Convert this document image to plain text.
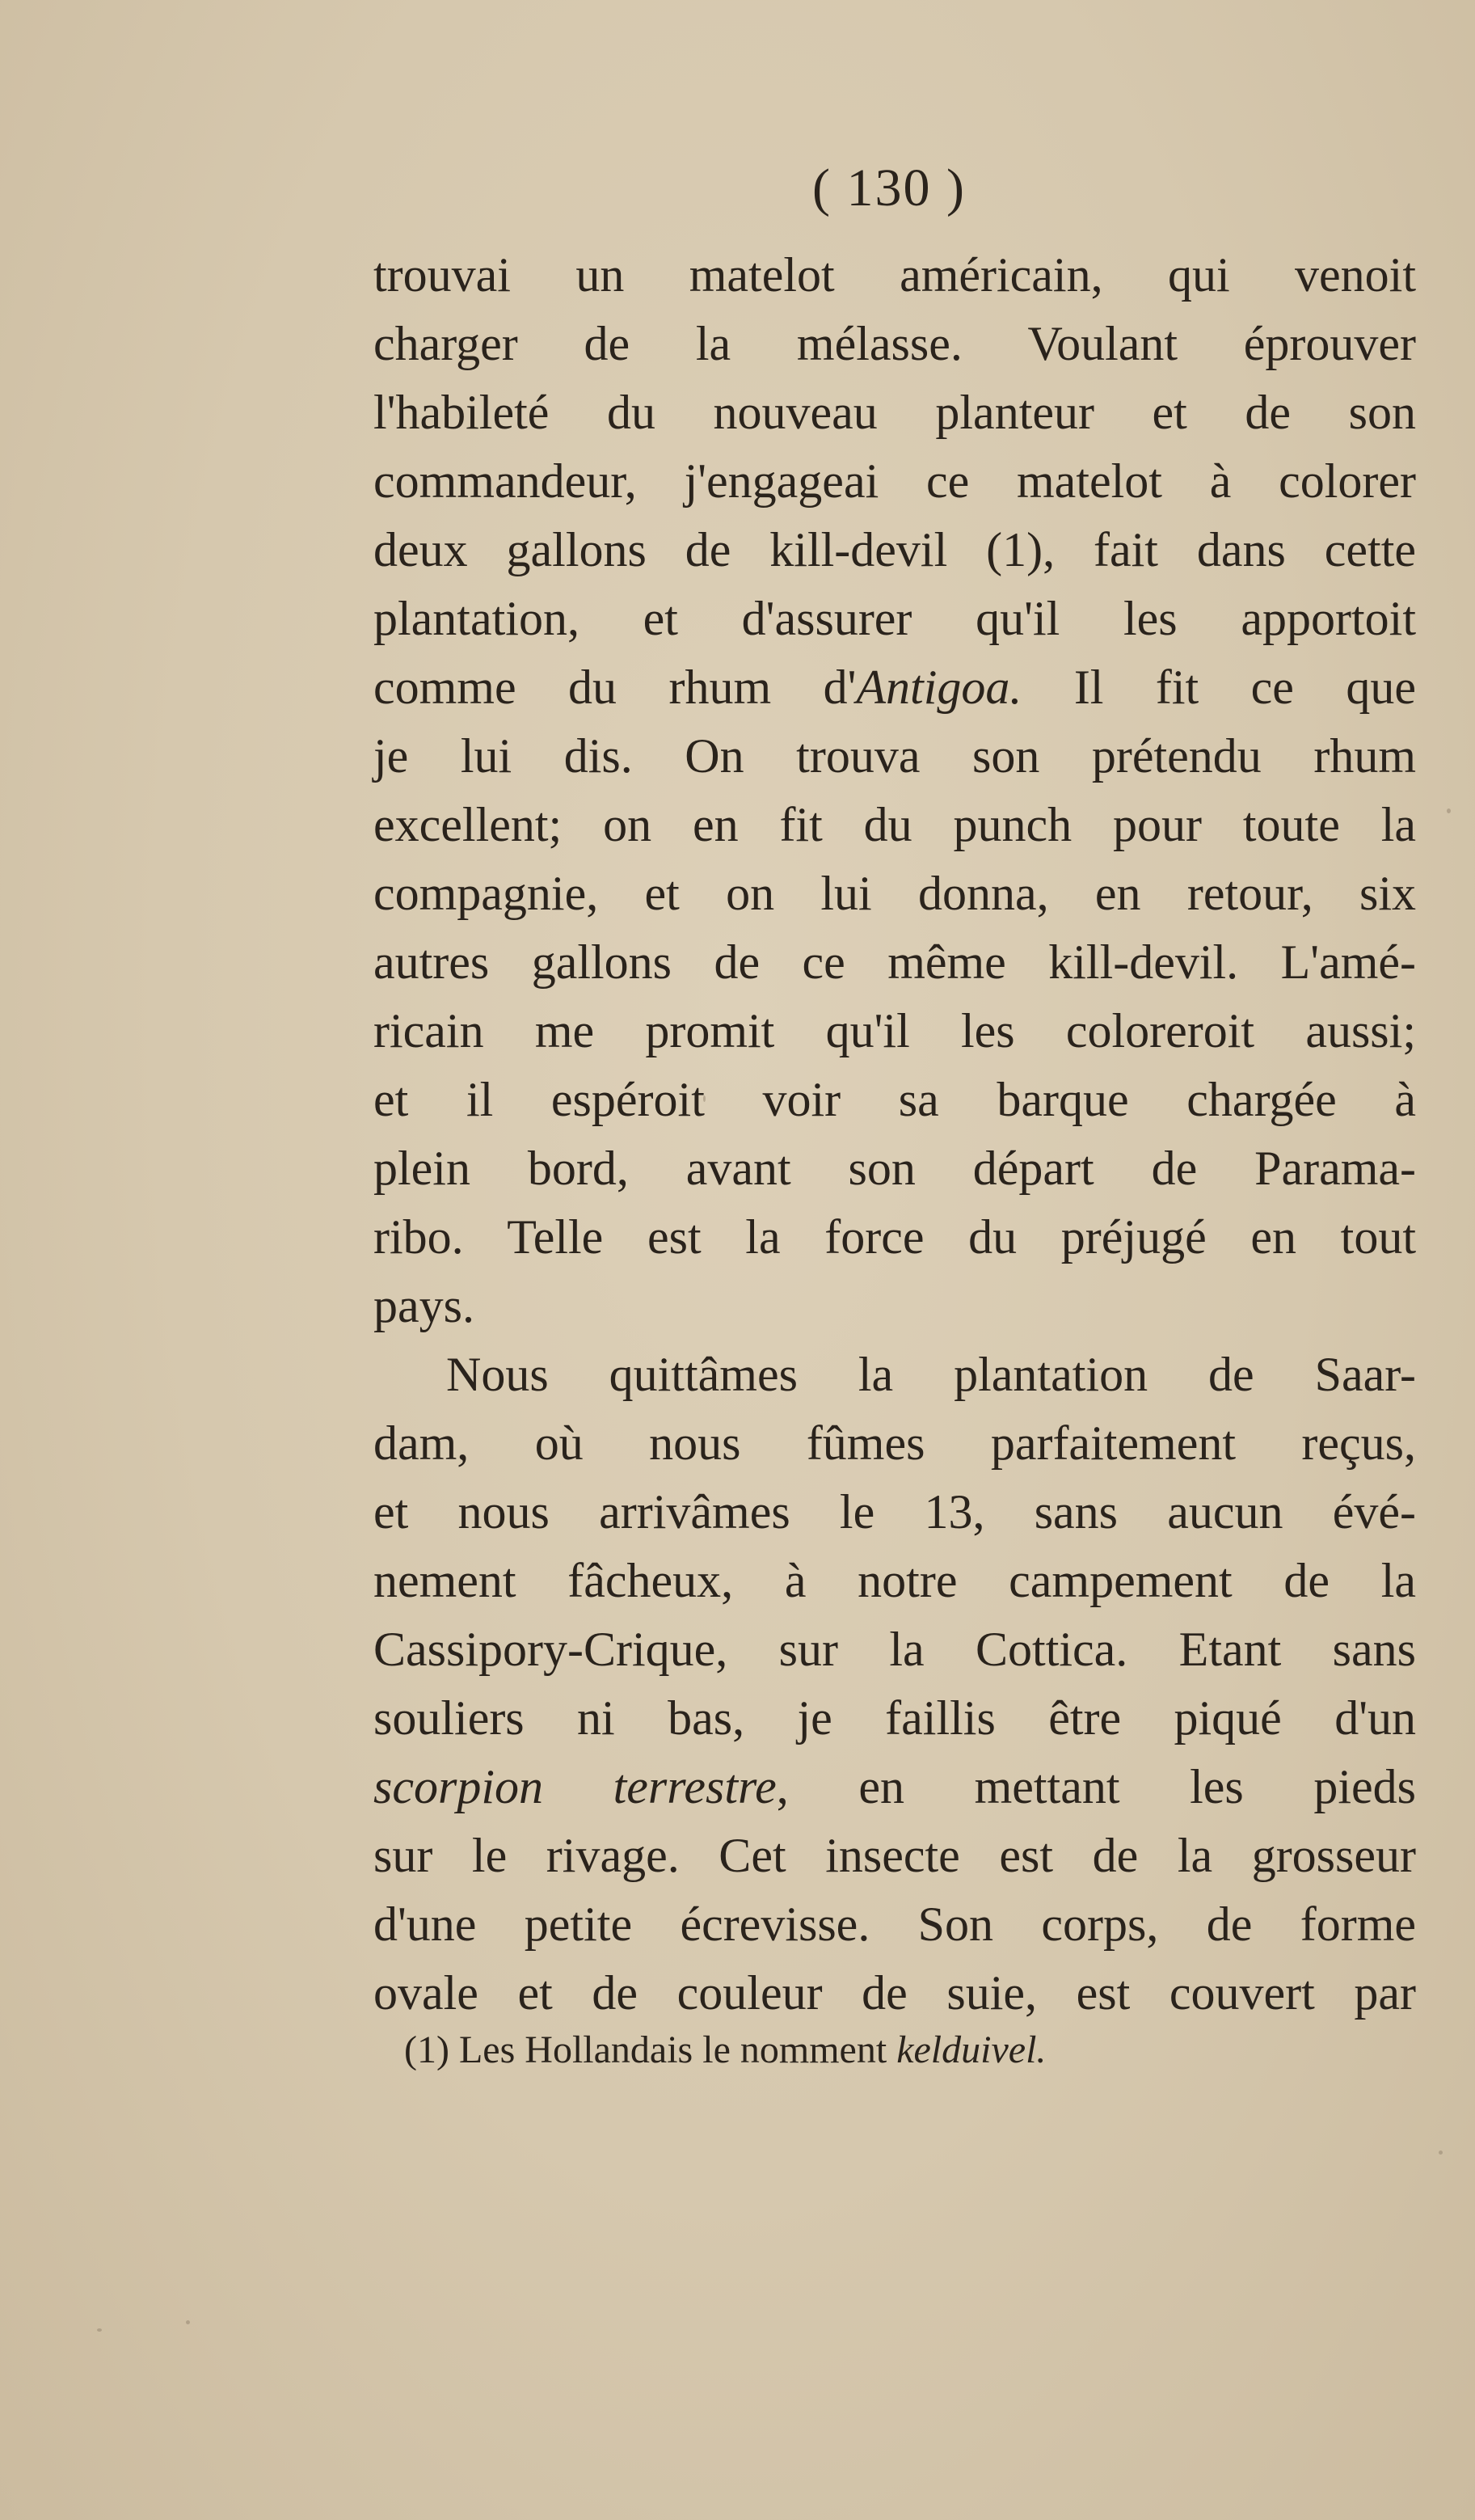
( 130 )
trouvai un matelot américain, qui venoit
charger de la mélasse. Voulant éprouver
l'habileté du nouveau planteur et de son
commandeur, j'engageai ce matelot à colorer
deux gallons de kill-devil (1), fait dans cette
plantation, et d'assurer qu'il les apportoit
comme du rhum d'Antigoa. Il fit ce que
je lui dis. On trouva son prétendu rhum
excellent; on en fit du punch pour toute la
compagnie, et on lui donna, en retour, six
autres gallons de ce même kill-devil. L'amé-
ricain me promit qu'il les coloreroit aussi;
et il espéroit voir sa barque chargée à
plein bord, avant son départ de Parama-
ribo. Telle est la force du préjugé en tout
pays.
Nous quittâmes la plantation de Saar-
dam, où nous fûmes parfaitement reçus,
et nous arrivâmes le 13, sans aucun évé-
nement fâcheux, à notre campement de la
Cassipory-Crique, sur la Cottica. Etant sans
souliers ni bas, je faillis être piqué d'un
scorpion terrestre, en mettant les pieds
sur le rivage. Cet insecte est de la grosseur
d'une petite écrevisse. Son corps, de forme
ovale et de couleur de suie, est couvert par
(1) Les Hollandais le nomment kelduivel.
